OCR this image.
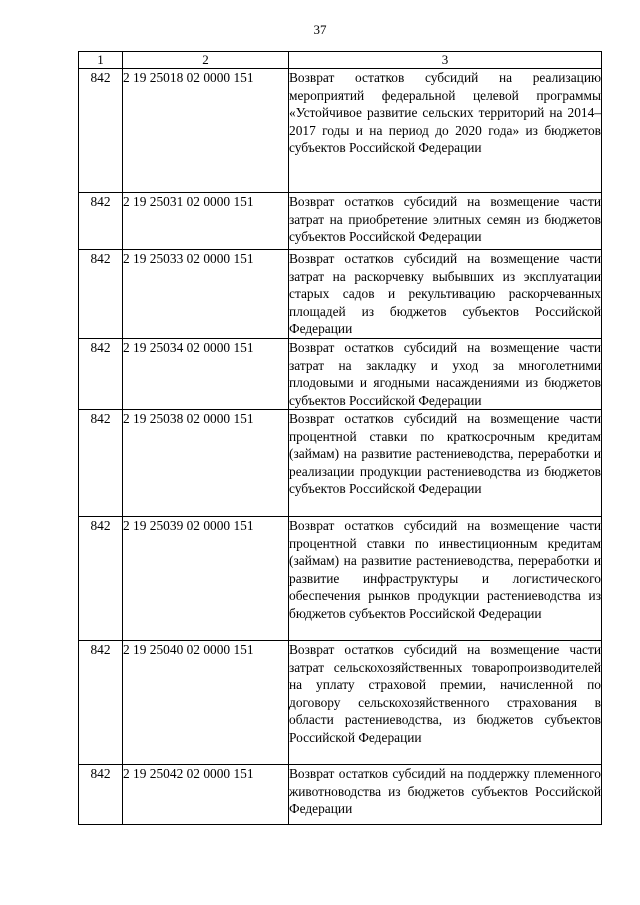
37
1	2	3
842	2 19 25018 02 0000 151	Возврат остатков субсидий на реализацию мероприятий федеральной целевой программы «Устойчивое развитие сельских территорий на 2014–2017 годы и на период до 2020 года» из бюджетов субъектов Российской Федерации
842	2 19 25031 02 0000 151	Возврат остатков субсидий на возмещение части затрат на приобретение элитных семян из бюджетов субъектов Российской Федерации
842	2 19 25033 02 0000 151	Возврат остатков субсидий на возмещение части затрат на раскорчевку выбывших из эксплуатации старых садов и рекультивацию раскорчеванных площадей из бюджетов субъектов Российской Федерации
842	2 19 25034 02 0000 151	Возврат остатков субсидий на возмещение части затрат на закладку и уход за многолетними плодовыми и ягодными насаждениями из бюджетов субъектов Российской Федерации
842	2 19 25038 02 0000 151	Возврат остатков субсидий на возмещение части процентной ставки по краткосрочным кредитам (займам) на развитие растениеводства, переработки и реализации продукции растениеводства из бюджетов субъектов Российской Федерации
842	2 19 25039 02 0000 151	Возврат остатков субсидий на возмещение части процентной ставки по инвестиционным кредитам (займам) на развитие растениеводства, переработки и развитие инфраструктуры и логистического обеспечения рынков продукции растениеводства из бюджетов субъектов Российской Федерации
842	2 19 25040 02 0000 151	Возврат остатков субсидий на возмещение части затрат сельскохозяйственных товаропроизводителей на уплату страховой премии, начисленной по договору сельскохозяйственного страхования в области растениеводства, из бюджетов субъектов Российской Федерации
842	2 19 25042 02 0000 151	Возврат остатков субсидий на поддержку племенного животноводства из бюджетов субъектов Российской Федерации
